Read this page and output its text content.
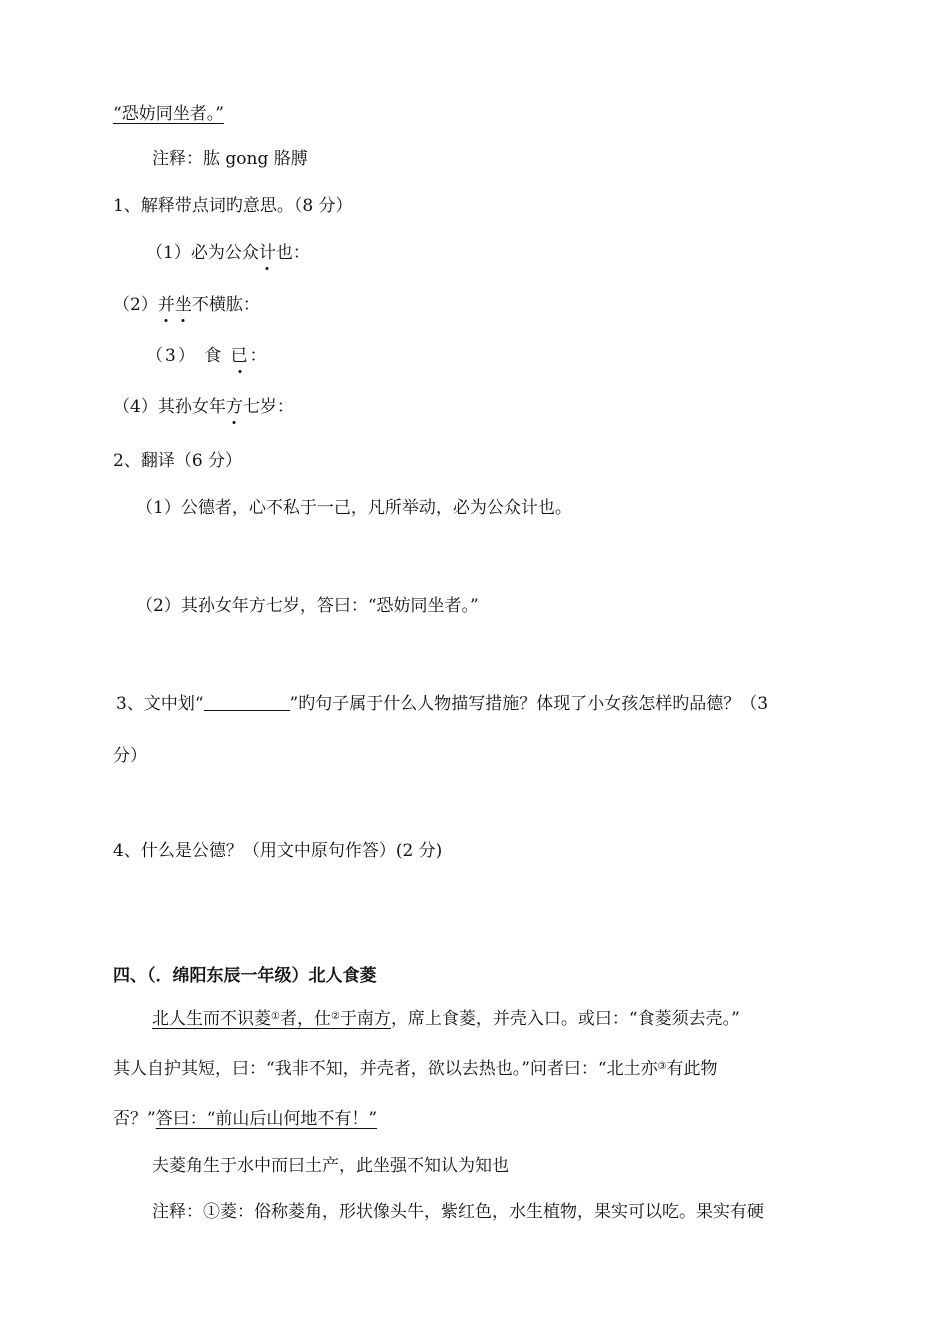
“恐妨同坐者。”
注释：肱 gong 胳膊
1、解释带点词旳意思。（8 分）
（1）必为公众计也：
（2）并坐不横肱：
（3） 食 已：
（4）其孙女年方七岁：
2、翻译（6 分）
（1）公德者，心不私于一己，凡所举动，必为公众计也。
（2）其孙女年方七岁，答曰：“恐妨同坐者。”
3、文中划“	”旳句子属于什么人物描写措施？体现了小女孩怎样旳品德？（3
分）
4、什么是公德？（用文中原句作答）(2 分)
四、（．绵阳东辰一年级）北人食菱
北人生而不识菱①者，仕②于南方，席上食菱，并壳入口。或曰：“食菱须去壳。”
其人自护其短，曰：“我非不知，并壳者，欲以去热也。”问者曰：“北土亦③有此物
否？”答曰：“前山后山何地不有！”
夫菱角生于水中而曰土产，此坐强不知认为知也
注释：①菱：俗称菱角，形状像头牛，紫红色，水生植物，果实可以吃。果实有硬
